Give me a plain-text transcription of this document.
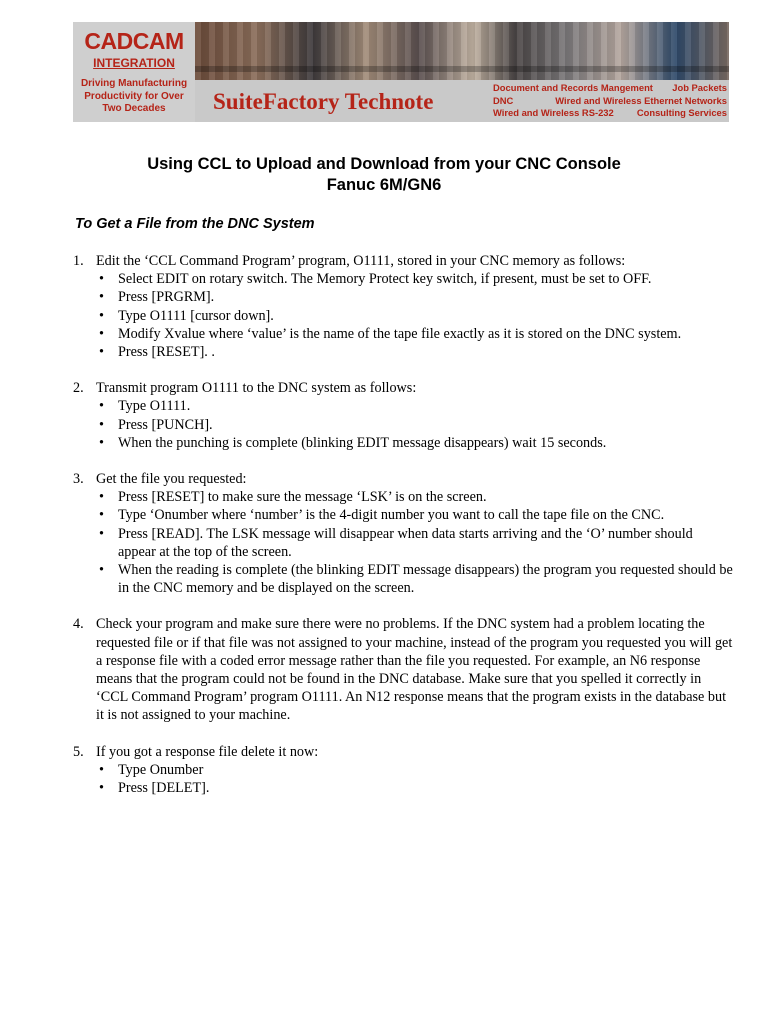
CADCAM
INTEGRATION
Driving Manufacturing
Productivity for Over
Two Decades	SuiteFactory Technote
Document and Records Mangement Job Packets
DNC	Wired and Wireless Ethernet Networks
Wired and Wireless RS-232 Consulting Services
Using CCL to Upload and Download from your CNC Console
Fanuc 6M/GN6
To Get a File from the DNC System
1. Edit the ‘CCL Command Program’ program, O1111, stored in your CNC memory as follows:
• Select EDIT on rotary switch. The Memory Protect key switch, if present, must be set to OFF.
• Press [PRGRM].
• Type O1111 [cursor down].
• Modify Xvalue where ‘value’ is the name of the tape file exactly as it is stored on the DNC system.
• Press [RESET]. .
2. Transmit program O1111 to the DNC system as follows:
• Type O1111.
• Press [PUNCH].
• When the punching is complete (blinking EDIT message disappears) wait 15 seconds.
3. Get the file you requested:
• Press [RESET] to make sure the message ‘LSK’ is on the screen.
• Type ‘Onumber where ‘number’ is the 4-digit number you want to call the tape file on the CNC.
• Press [READ]. The LSK message will disappear when data starts arriving and the ‘O’ number should appear at the top of the screen.
• When the reading is complete (the blinking EDIT message disappears) the program you requested should be in the CNC memory and be displayed on the screen.
4. Check your program and make sure there were no problems. If the DNC system had a problem locating the requested file or if that file was not assigned to your machine, instead of the program you requested you will get a response file with a coded error message rather than the file you requested. For example, an N6 response means that the program could not be found in the DNC database. Make sure that you spelled it correctly in ‘CCL Command Program’ program O1111. An N12 response means that the program exists in the database but it is not assigned to your machine.
5. If you got a response file delete it now:
• Type Onumber
• Press [DELET].
